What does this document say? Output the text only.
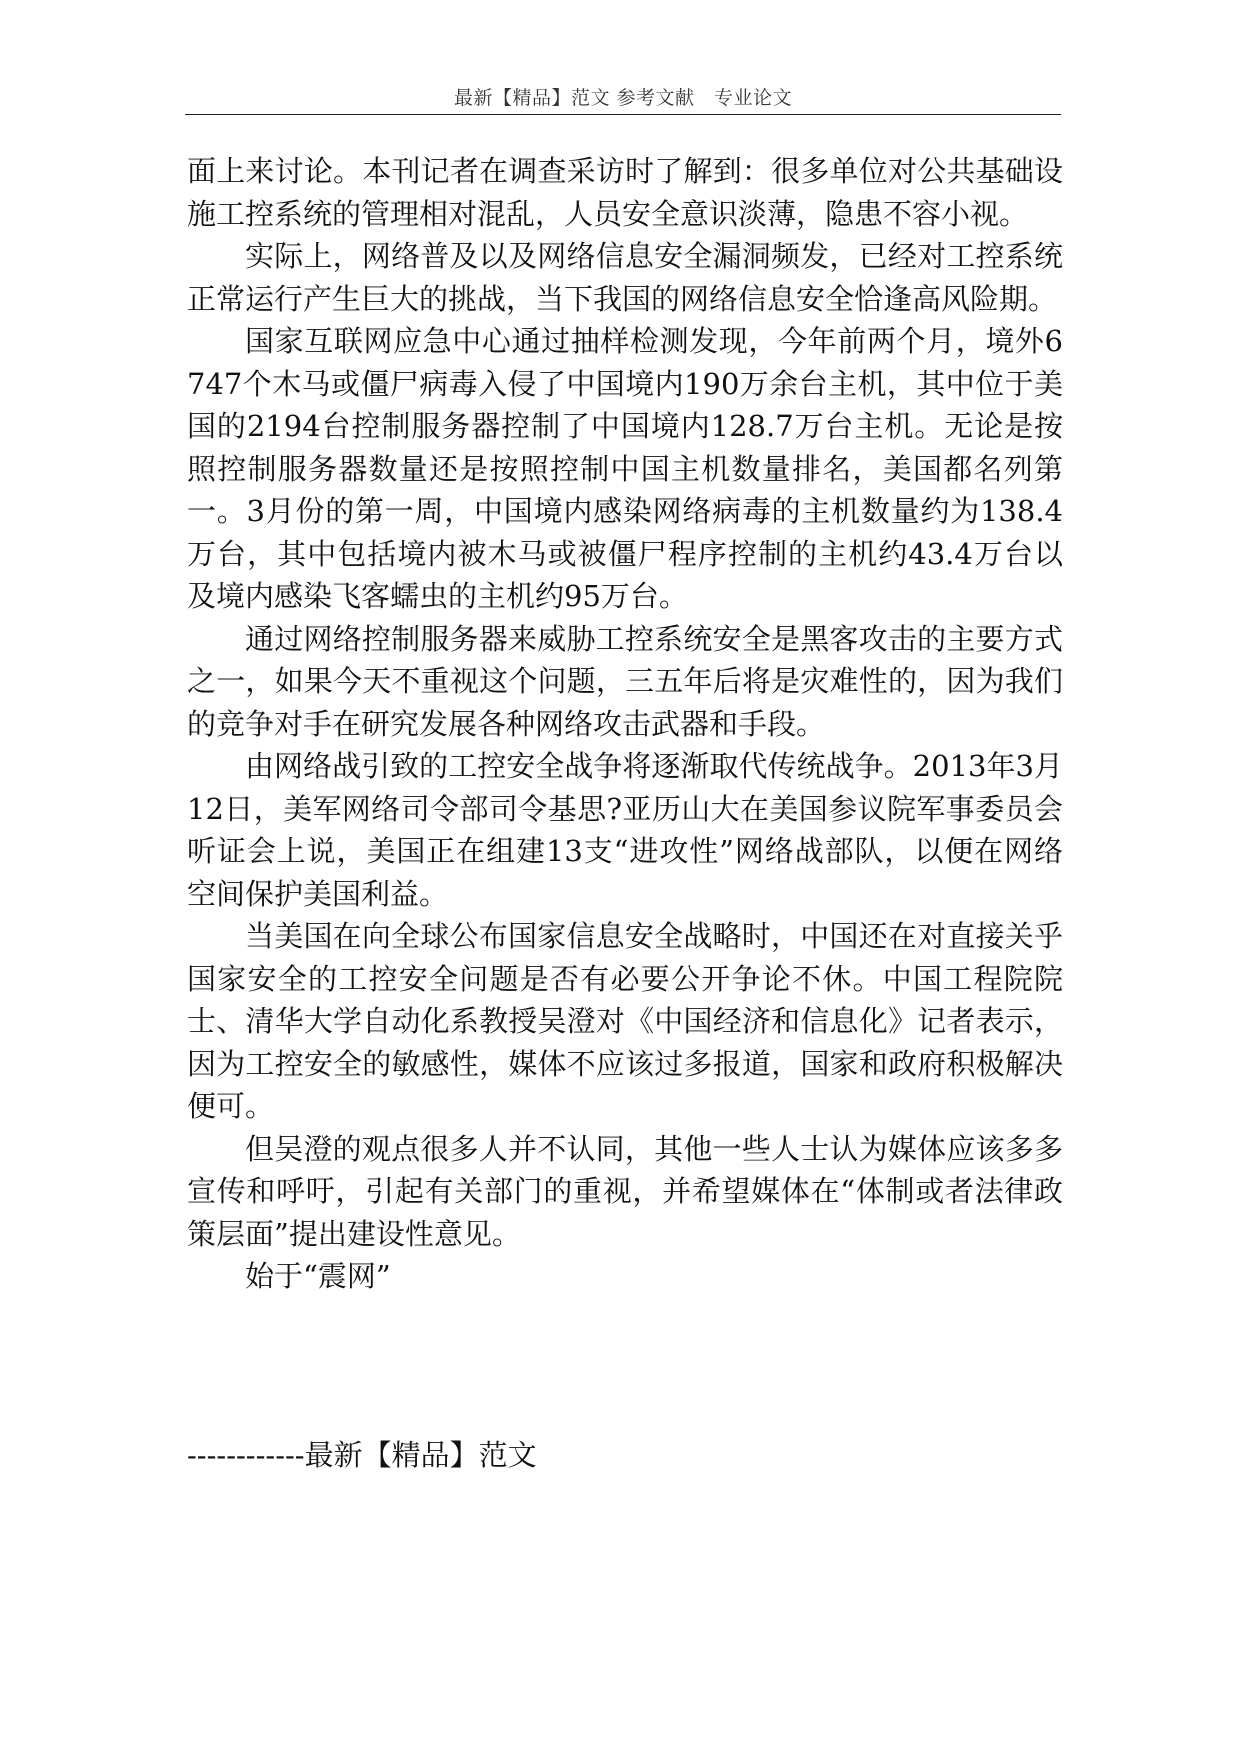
最新【精品】范文 参考文献　专业论文

面上来讨论。本刊记者在调查采访时了解到：很多单位对公共基础设施工控系统的管理相对混乱，人员安全意识淡薄，隐患不容小视。

实际上，网络普及以及网络信息安全漏洞频发，已经对工控系统正常运行产生巨大的挑战，当下我国的网络信息安全恰逢高风险期。

国家互联网应急中心通过抽样检测发现，今年前两个月，境外6747个木马或僵尸病毒入侵了中国境内190万余台主机，其中位于美国的2194台控制服务器控制了中国境内128.7万台主机。无论是按照控制服务器数量还是按照控制中国主机数量排名，美国都名列第一。3月份的第一周，中国境内感染网络病毒的主机数量约为138.4万台，其中包括境内被木马或被僵尸程序控制的主机约43.4万台以及境内感染飞客蠕虫的主机约95万台。

通过网络控制服务器来威胁工控系统安全是黑客攻击的主要方式之一，如果今天不重视这个问题，三五年后将是灾难性的，因为我们的竞争对手在研究发展各种网络攻击武器和手段。

由网络战引致的工控安全战争将逐渐取代传统战争。2013年3月12日，美军网络司令部司令基思?亚历山大在美国参议院军事委员会听证会上说，美国正在组建13支“进攻性”网络战部队，以便在网络空间保护美国利益。

当美国在向全球公布国家信息安全战略时，中国还在对直接关乎国家安全的工控安全问题是否有必要公开争论不休。中国工程院院士、清华大学自动化系教授吴澄对《中国经济和信息化》记者表示，因为工控安全的敏感性，媒体不应该过多报道，国家和政府积极解决便可。

但吴澄的观点很多人并不认同，其他一些人士认为媒体应该多多宣传和呼吁，引起有关部门的重视，并希望媒体在“体制或者法律政策层面”提出建设性意见。

始于“震网”

------------最新【精品】范文
